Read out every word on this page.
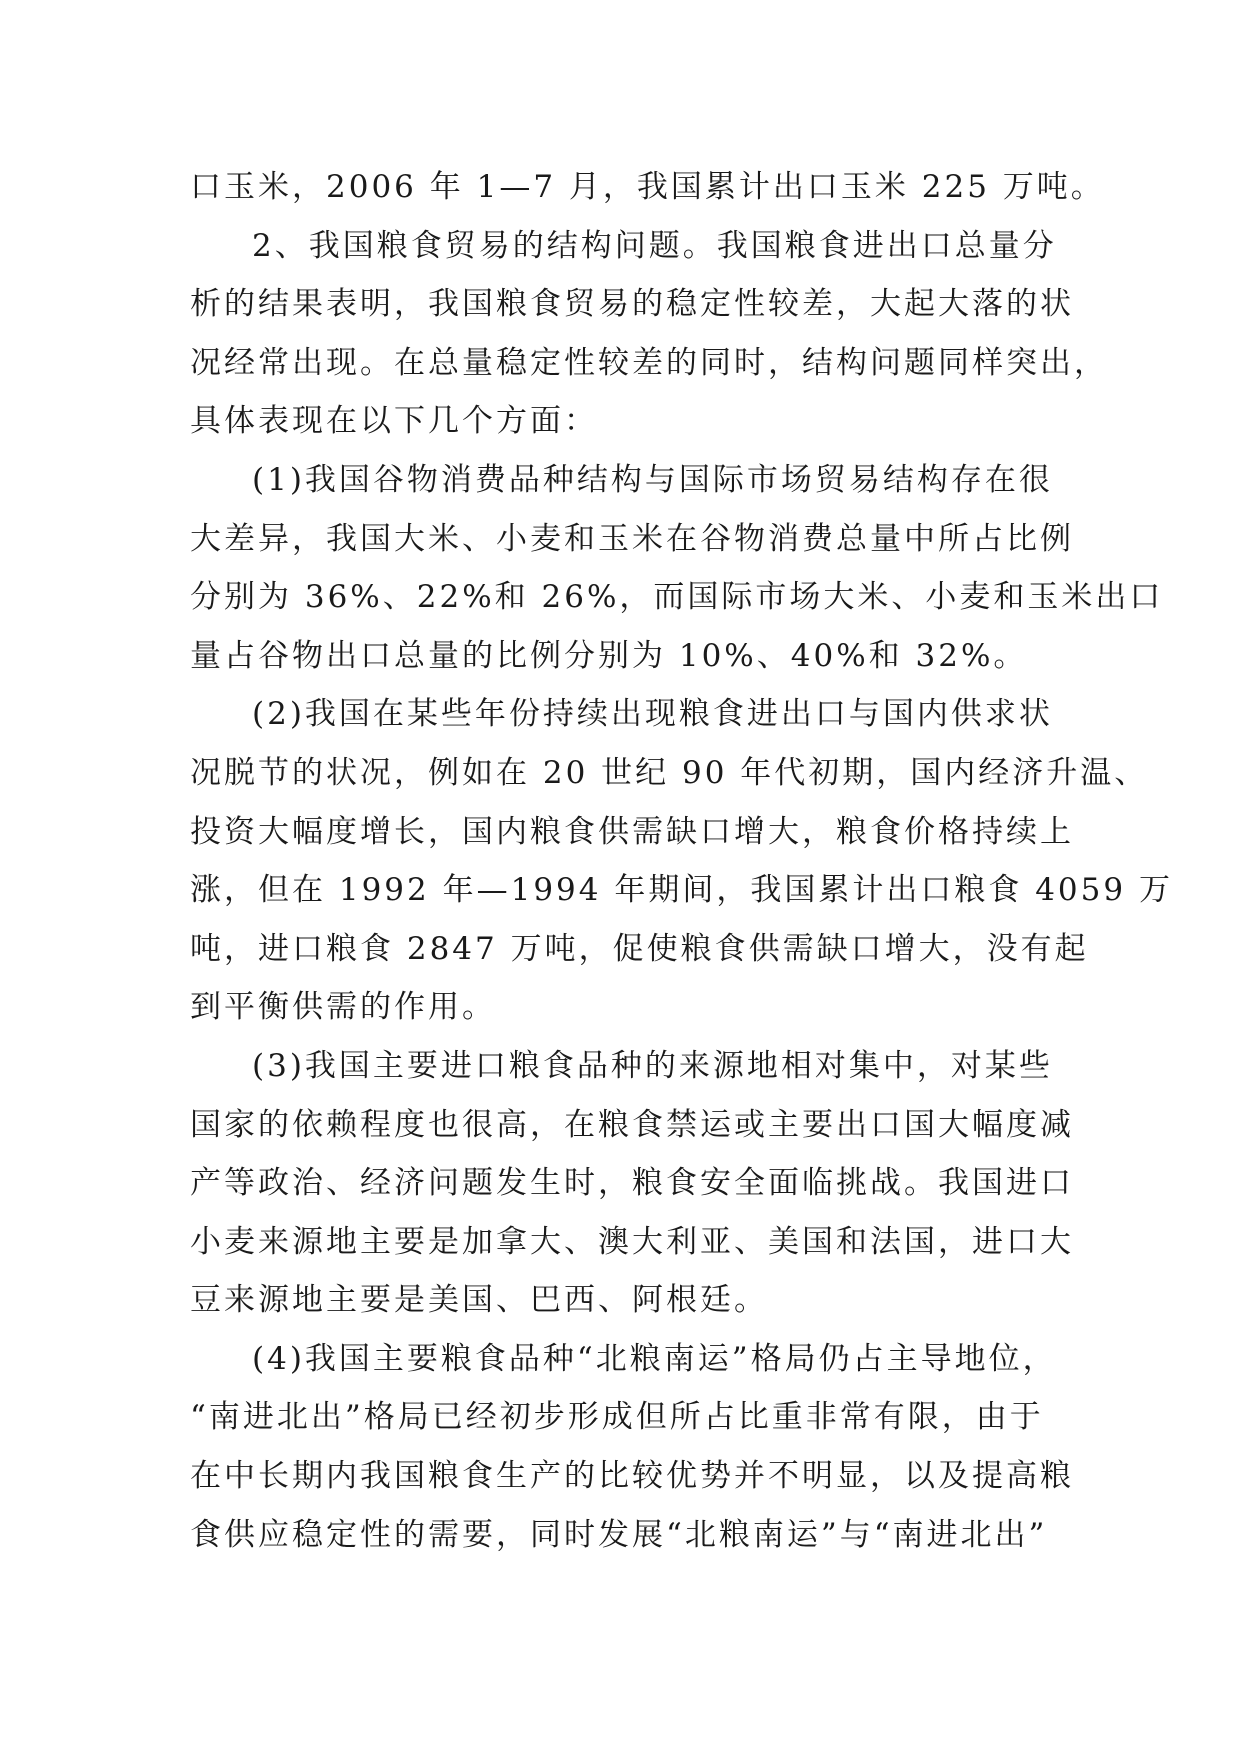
口玉米，2006 年 1—7 月，我国累计出口玉米 225 万吨。
2、我国粮食贸易的结构问题。我国粮食进出口总量分
析的结果表明，我国粮食贸易的稳定性较差，大起大落的状
况经常出现。在总量稳定性较差的同时，结构问题同样突出，
具体表现在以下几个方面：
(1)我国谷物消费品种结构与国际市场贸易结构存在很
大差异，我国大米、小麦和玉米在谷物消费总量中所占比例
分别为 36%、22%和 26%，而国际市场大米、小麦和玉米出口
量占谷物出口总量的比例分别为 10%、40%和 32%。
(2)我国在某些年份持续出现粮食进出口与国内供求状
况脱节的状况，例如在 20 世纪 90 年代初期，国内经济升温、
投资大幅度增长，国内粮食供需缺口增大，粮食价格持续上
涨，但在 1992 年—1994 年期间，我国累计出口粮食 4059 万
吨，进口粮食 2847 万吨，促使粮食供需缺口增大，没有起
到平衡供需的作用。
(3)我国主要进口粮食品种的来源地相对集中，对某些
国家的依赖程度也很高，在粮食禁运或主要出口国大幅度减
产等政治、经济问题发生时，粮食安全面临挑战。我国进口
小麦来源地主要是加拿大、澳大利亚、美国和法国，进口大
豆来源地主要是美国、巴西、阿根廷。
(4)我国主要粮食品种“北粮南运”格局仍占主导地位，
“南进北出”格局已经初步形成但所占比重非常有限，由于
在中长期内我国粮食生产的比较优势并不明显，以及提高粮
食供应稳定性的需要，同时发展“北粮南运”与“南进北出”
